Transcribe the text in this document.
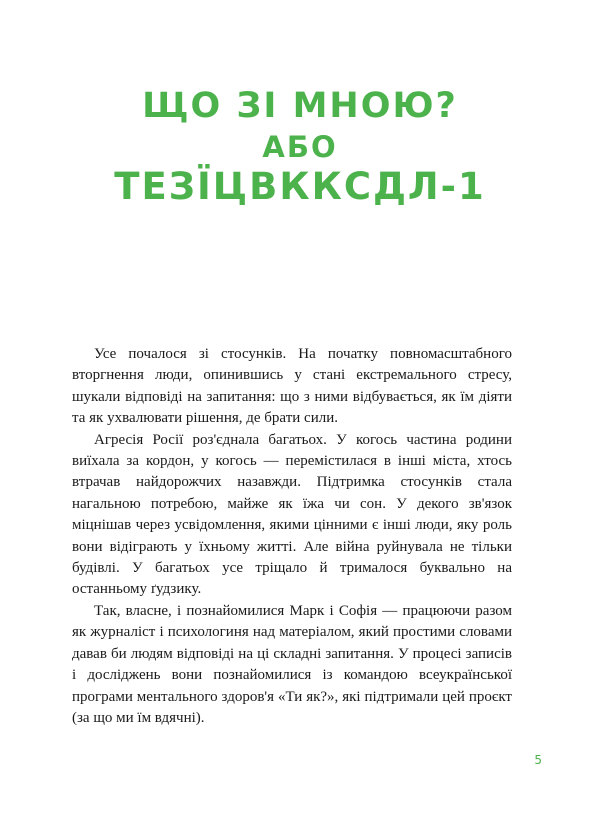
ЩО ЗІ МНОЮ?
АБО
ТЕЗЇЦВККСДЛ-1

Усе почалося зі стосунків. На початку повномасштабного вторгнення люди, опинившись у стані екстремального стресу, шукали відповіді на запитання: що з ними відбувається, як їм діяти та як ухвалювати рішення, де брати сили.

Агресія Росії роз'єднала багатьох. У когось частина родини виїхала за кордон, у когось — перемістилася в інші міста, хтось втрачав найдорожчих назавжди. Підтримка стосунків стала нагальною потребою, майже як їжа чи сон. У декого зв'язок міцнішав через усвідомлення, якими цінними є інші люди, яку роль вони відіграють у їхньому житті. Але війна руйнувала не тільки будівлі. У багатьох усе тріщало й трималося буквально на останньому ґудзику.

Так, власне, і познайомилися Марк і Софія — працюючи разом як журналіст і психологиня над матеріалом, який простими словами давав би людям відповіді на ці складні запитання. У процесі записів і досліджень вони познайомилися із командою всеукраїнської програми ментального здоров'я «Ти як?», які підтримали цей проєкт (за що ми їм вдячні).

5
